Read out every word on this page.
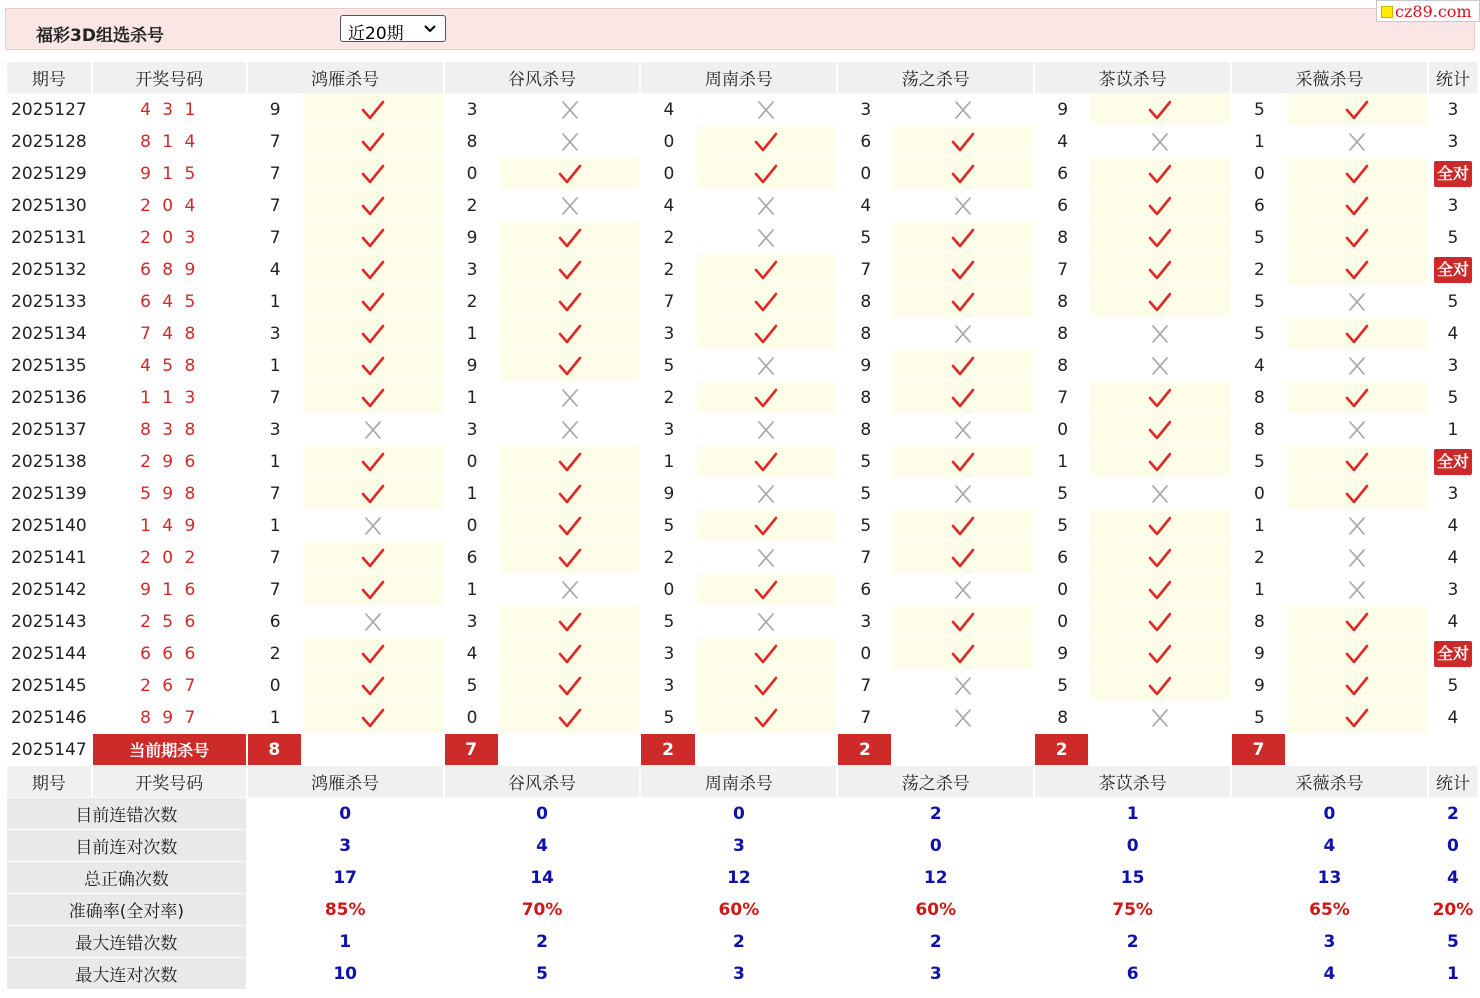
福彩3D组选杀号	近20期
cz89.com
期号	开奖号码	鸿雁杀号		谷风杀号		周南杀号		荡之杀号		茶苡杀号		采薇杀号		统计
2025127	4 3 1	9		3		4		3		9		5		3
2025128	8 1 4	7		8		0		6		4		1		3
2025129	9 1 5	7		0		0		0		6		0		全对
2025130	2 0 4	7		2		4		4		6		6		3
2025131	2 0 3	7		9		2		5		8		5		5
2025132	6 8 9	4		3		2		7		7		2		全对
2025133	6 4 5	1		2		7		8		8		5		5
2025134	7 4 8	3		1		3		8		8		5		4
2025135	4 5 8	1		9		5		9		8		4		3
2025136	1 1 3	7		1		2		8		7		8		5
2025137	8 3 8	3		3		3		8		0		8		1
2025138	2 9 6	1		0		1		5		1		5		全对
2025139	5 9 8	7		1		9		5		5		0		3
2025140	1 4 9	1		0		5		5		5		1		4
2025141	2 0 2	7		6		2		7		6		2		4
2025142	9 1 6	7		1		0		6		0		1		3
2025143	2 5 6	6		3		5		3		0		8		4
2025144	6 6 6	2		4		3		0		9		9		全对
2025145	2 6 7	0		5		3		7		5		9		5
2025146	8 9 7	1		0		5		7		8		5		4
2025147	当前期杀号	8		7		2		2		2		7		
期号	开奖号码	鸿雁杀号		谷风杀号		周南杀号		荡之杀号		茶苡杀号		采薇杀号		统计
目前连错次数		0		0		0		2		1		0		2
目前连对次数		3		4		3		0		0		4		0
总正确次数		17		14		12		12		15		13		4
准确率(全对率)		85%		70%		60%		60%		75%		65%		20%
最大连错次数		1		2		2		2		2		3		5
最大连对次数		10		5		3		3		6		4		1
